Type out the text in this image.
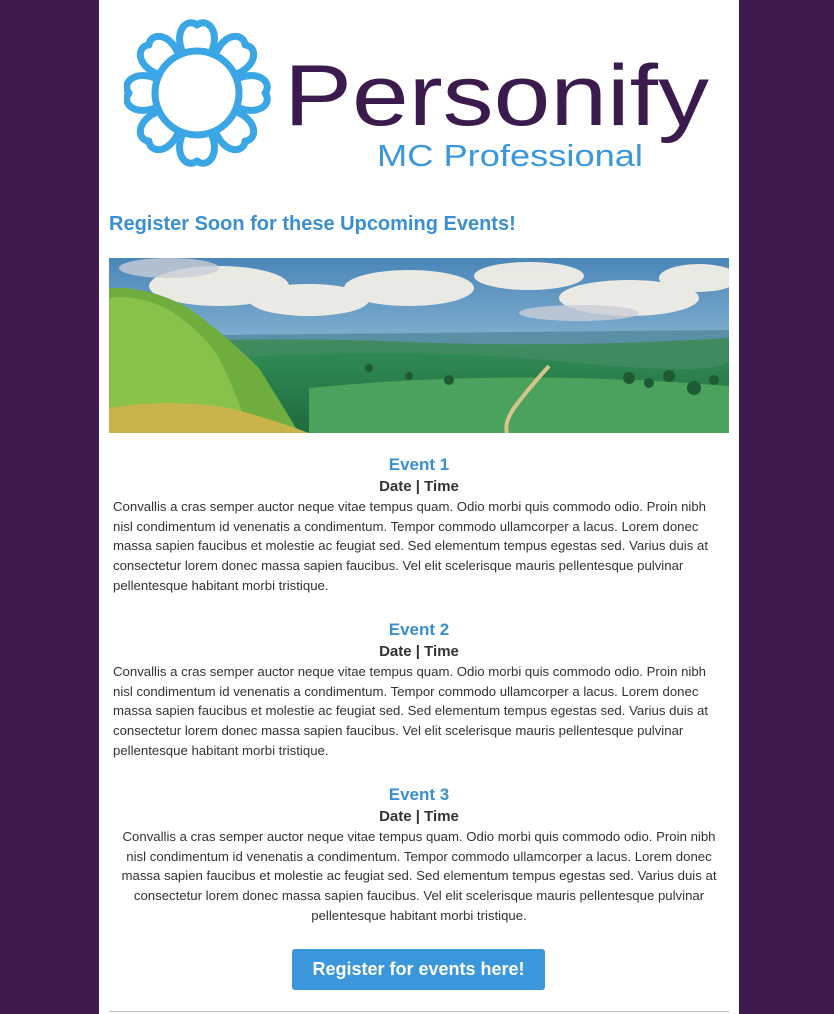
Personify
MC Professional
Register Soon for these Upcoming Events!
Event 1

Date | Time

Convallis a cras semper auctor neque vitae tempus quam. Odio morbi quis commodo odio. Proin nibh nisl condimentum id venenatis a condimentum. Tempor commodo ullamcorper a lacus. Lorem donec massa sapien faucibus et molestie ac feugiat sed. Sed elementum tempus egestas sed. Varius duis at consectetur lorem donec massa sapien faucibus. Vel elit scelerisque mauris pellentesque pulvinar pellentesque habitant morbi tristique.

Event 2

Date | Time

Convallis a cras semper auctor neque vitae tempus quam. Odio morbi quis commodo odio. Proin nibh nisl condimentum id venenatis a condimentum. Tempor commodo ullamcorper a lacus. Lorem donec massa sapien faucibus et molestie ac feugiat sed. Sed elementum tempus egestas sed. Varius duis at consectetur lorem donec massa sapien faucibus. Vel elit scelerisque mauris pellentesque pulvinar pellentesque habitant morbi tristique.

Event 3

Date | Time

Convallis a cras semper auctor neque vitae tempus quam. Odio morbi quis commodo odio. Proin nibh nisl condimentum id venenatis a condimentum. Tempor commodo ullamcorper a lacus. Lorem donec massa sapien faucibus et molestie ac feugiat sed. Sed elementum tempus egestas sed. Varius duis at consectetur lorem donec massa sapien faucibus. Vel elit scelerisque mauris pellentesque pulvinar pellentesque habitant morbi tristique.

Register for events here!
